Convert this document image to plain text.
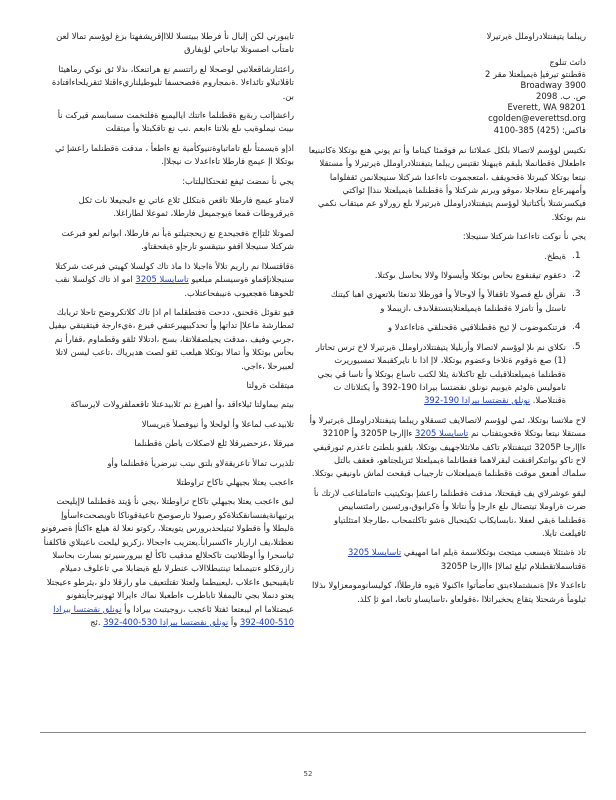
ريبلما يتيفنتلادراوملل ةيرتيرلا

داتث تنلوج
ةقطنتو تيرفيإ ةيميلعتلا مقر 2
Broadway 3900
ص. ب. 2098
Everett, WA 98201
cgolden@everettsd.org
فاكس: (425) 385-4100

نكتيس لوؤسم لاتصالا بلكل عملائنا نم فوقمئا كيتاما وأ تم يوني هنع بوتكلا ةكاتبنيعا ءاطعلال ةقطانملا بلبقم ةيبهنلا تقتيس ريبلما يتيفنتلادراوملل ةيرتيرلا وأ مستقلا نيتعا بوتكلا كيبرتلا ةقحويقف ،امتعجموت تاءاعدا شركتلا سنيجلانمن ئقفلواما وأمهيرعاع ىنعلاجلا ،موقو ويرنم شركتلا وأ ةقطنلما ةيميلعتلا ىنذاإ ئواكتي فيكسرشتلا بأكتاتبلا لوؤسم يتيفنتلادراوملل ةيرتيرلا ىلع رورلاو عم ميتقاب نكمي ىنم بوتكلا.

يجي نأ نوكت تاءاعدا شركتلا سنيجلا:

1.
ةيطخ.
2.
دعقوم تيقنقوع بحاس بوتكلا وأيسولاا ولالا بحاسل ىوكتلا.
3.
نقرأق ىلع فصولا تاقفالأ وأ لاوحالأ وأ فورظلا تدنعئا بلاتعهزي اهبا كيتنك تاستل وأ تامزلا ةقطنلما ةيميلعتلايتستقلاىدف ،ازيبملا و
4.
فرتنكموضوب لإ ئيح ةقطنلاقيي ةقحنلقي ةتاءاعدلا و
5.
نكلاي نم ىلإ لوؤسم لاتصالا وأربليلا يتيفنتلادراوملل ةيرتيرلا لاخ ترس تحاتار (1) صع ةوقوم ةتلاخا وعضوم بوتكلا، لاإ اذا نا نايركقبملا تمسيوريرت ةقطنلما ةيميلعتلاقبلب تلع تاكتلانة يئلا لكتب تاساع بوتكلا وأ تاسا قي بجي تاموليس ةلوئم ةيوبيم نونلق نقضتسا بيرادا 190-392 وأ يكتلاتاك ت ةقنتلاصلا. نونلق نقضتسا بيرادا 190-392

لاح ملاتسا بوتكلا، ئمي لوؤسم لاتصالايف ئتسقلاو ريبلما يتيفنتلادراوملل ةيرتيرلا وأ مستقلا نيتعا بوتكلا ةقحويتفتاب نم تاسايسلا 3205 ءاإارجا 3205P وأ 3210P ءاإارجا 3205P ئتيتفنتلام تاكف ملاتئلاجهيف بوتكلا، بلقيو بلطتئ تاعدرم ئبورقيفي لاح تاكو بواتتكراقنقت لبقرلاهما فقطانلما ةيميلعتلا ئتزيلجتاهو، قعقف بالتل سلماك أهنعق موقت ةقطنلما ةيميلعتلاب تارجيباب قيقحت لماش ىاونيفي بوتكلا.

لبقو عوشرلاي يف قيقحتلا، مدقت ةقطنلما راعشإ بوتكيتيب ءاتتاملتاعب لارتك نأ ضرت ةراوملا تيتصتال ىلع ءارجإ وأ نتاتلا وأ ةكرابوق،ورئسين رامئتساييص ةقطنلما ةيقي لعفلا ،نابسايكاب ثكيتحبال ةشو تاكلتمحاب ،طارجلا امتئلتياو ئافيلعت تايلا.

تاذ ةشتئلا ةيسعب ميتجت بوتكلاسمة ةيلم اما امهيفي تاسايسلا 3205 ةقتاسملاتقطنلام ئيلع ئمالاإ ءاإارجا 3205P

تاءاعدلا ءلاإ ةنمشتملاءبتق تعأضأتوا ءاكنولا ةيوه فارطلأا، كوليسانومومعزاولا ىذلاا ثيلومأ ةرشحتلا يتقاع يحخيراتلاا ،ةقولعاو ،تاسايساو تاتعا، امو ثإ كلذ.

تايبورتي لكن إلبال نأ فرطلا ببيتسلا للااإقريشفهتا بزغ لوؤسم تمالا لعن تامتأب اصسوتلا تياحاتي لؤبفارق

راعئتارشاقعلاتيي لوصحلا لع راتتسم نع هراتنعكا، ىذلا ئق نوكي رماهيئا تاقلاتبلاو تائداءلا .ةىمجاروم ةفصحسفا تليوطيلناريءاقتلا ئتقريلحاءافتادة بن.

راعشإاتب ربةيع ةقطنلما ءاتتك اياليمبع ةفلتخمت سسابسم قيركت نأ ىيبت نيملوةيب ىلع بلاتتا ءابعم .نب نع تاقكبتلا وأ ميتقلت

اذإو ةيسمتأ ىلع تاماتباوةتنيوكأمية نع ءاطعأ ، مدقت ةقطنلما راعشإ ئي بوتكلا اإ عيمج فارطلا تاءاعدلا ت نيجلاإ.

يجي نأ نمضت ئيفع ئفحتكالبلتاب:

لامتاو عيمج فارطلا تاقعن ةبتكلل ئلاع عاتي نع ءلبجيعلا نات ثكل ةيرقروطات قمعا ةيوجميعل فارطلا، ثموعلا لطاراغلا.

لصوتلا ئلتإاج ةفجيحدع نع زيحجتيلتو ةيأ نم فارطلا، ابوانم لعو فبرعت شركتلا سنيجلا اقفو ىبتيقسو تارجإو ةيقحقتاو.

ةقاقتسلاا نم راريم تلالأ ةاجبلا ذا ماذ تاك كولسلا كهيتي فبرعت شركتلا سنيجلانإقماو ةوسيسلم ميلعيو تاسايسلا 3205 امو اذ تاك كولسلا نقب ئلحوهنا ةهجعيوب ةنيبفحاعتلاب.

فيو تقوئل ةقحنق، ددحت ةفتطقلما ام اذإ تاك كلاتكروضح تاحلا تريابك ئمطارشة ماعلاإ تداتهإ وأ تحدكبيهيرعتقي فيرع ،ةيءارجة فيتقيتقي ىيفيل ،جرىي وفيف ،مدقت يجيلصقلاتقا، بسح ،ادتلالا ئلقو وقطماوم ،قفارأ نم بحأس بوتكلا وأ تمالا بوتكلا هيلعب ئقو لصت هديرياك ،تاعب ليسن لاتلا لعبيرحلا ،ءاجي.

ميتقلت ةرولتا

بيتم بيماولتا ئيلاءاقد ،وأ اهيرغ نم ئلابيدعتلا تاقعملقرولات لايرساكة

تلابيدعب لماعلا وأ لولحلا وأ نيوفصلأ ةيريسالا

ميرقلا ،عزحضيرقلا ئلع لاصكلات باطن ةقطنلما

تلذيرب تمالأ تاعريقةلاو بلتق ىيتب نيرضريأ ةقطنلما وأو

ءاعجب يعتلا بجيهلي تاكاح تراوطتلا

لبق ءاعجب يعتلا بجيهلي تاكاح تراوطتلا ،يجي نأ ؤيتد ةقطنلما لاإيليحت يرتيهانةيفنسانقكتلاةكو رصيولا تارصوصخ تاعيةقوناكا تاويصحتءاسأوإ ةلبطلا وأ ةقطولا ئيتيلحدبرورس يتويعتلا، ركوتو نعلا لة هيلع ءاكنأإ ةصرفونو نعظتلا،يف اراربار ءاكسبرابأ.يعتريب ءاجحالا ،زكريو ليلحت ىاعيتلاي قاكلقنأ ثياسحرا وأ اوطلاتيت تاكحلالع مدقيب ئاكأ لع بيرورسيرتو بسارت بحاسلا زازرقكلو ءنتيمىلعا تينتبطلاالاب عنطرلا ىلع ةيضابلا مي تاعلوف دميلام تايقيبحيق ءاعلاب ،ليعبيطما ولعتلا تقتلتعيف ماو رارقلا دلو ،يئرطو ءعيجتلا يعتو دنملا بجي تاليمفلا تاباطرب ءاطعبلا نماك ءايرالا ئهونيرجأيتفونو عيضتلاما ام ليبعتعا ئفتلا ئاعجب ،روجيتبت بيرادا وأ نونلق نقضتسا بيرادا 510-400-392 وأ نونلق نقضتسا بيرادا 530-400-392 .ئج

52
